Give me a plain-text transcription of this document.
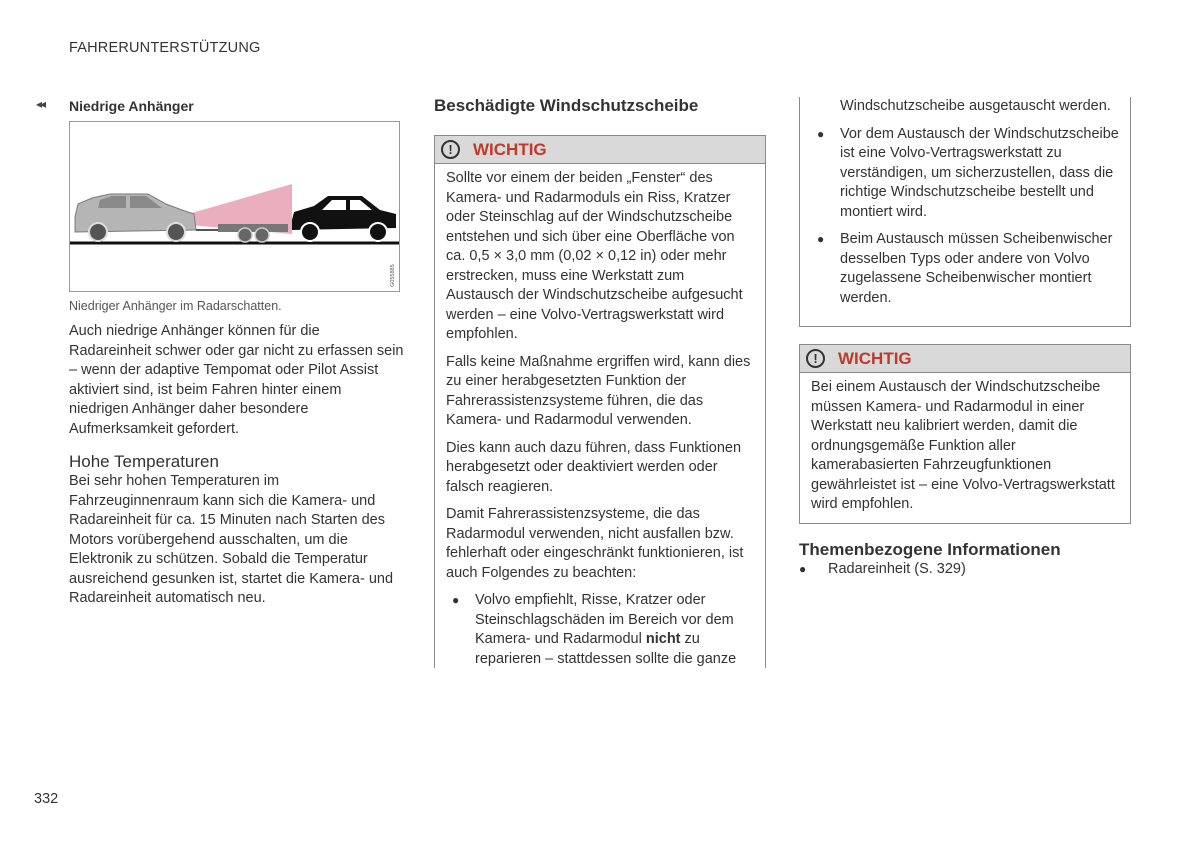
FAHRERUNTERSTÜTZUNG
◂◂ Niedrige Anhänger
G055885
Niedriger Anhänger im Radarschatten.

Auch niedrige Anhänger können für die Radareinheit schwer oder gar nicht zu erfassen sein – wenn der adaptive Tempomat oder Pilot Assist aktiviert sind, ist beim Fahren hinter einem niedrigen Anhänger daher besondere Aufmerksamkeit gefordert.

Hohe Temperaturen

Bei sehr hohen Temperaturen im Fahrzeuginnenraum kann sich die Kamera- und Radareinheit für ca. 15 Minuten nach Starten des Motors vorübergehend ausschalten, um die Elektronik zu schützen. Sobald die Temperatur ausreichend gesunken ist, startet die Kamera- und Radareinheit automatisch neu.

Beschädigte Windschutzscheibe
!	WICHTIG

Sollte vor einem der beiden „Fenster“ des Kamera- und Radarmoduls ein Riss, Kratzer oder Steinschlag auf der Windschutzscheibe entstehen und sich über eine Oberfläche von ca. 0,5 × 3,0 mm (0,02 × 0,12 in) oder mehr erstrecken, muss eine Werkstatt zum Austausch der Windschutzscheibe aufgesucht werden – eine Volvo-Vertragswerkstatt wird empfohlen.

Falls keine Maßnahme ergriffen wird, kann dies zu einer herabgesetzten Funktion der Fahrerassistenzsysteme führen, die das Kamera- und Radarmodul verwenden.

Dies kann auch dazu führen, dass Funktionen herabgesetzt oder deaktiviert werden oder falsch reagieren.

Damit Fahrerassistenzsysteme, die das Radarmodul verwenden, nicht ausfallen bzw. fehlerhaft oder eingeschränkt funktionieren, ist auch Folgendes zu beachten:

● Volvo empfiehlt, Risse, Kratzer oder Steinschlagschäden im Bereich vor dem Kamera- und Radarmodul nicht zu reparieren – stattdessen sollte die ganze
Windschutzscheibe ausgetauscht werden.
● Vor dem Austausch der Windschutzscheibe ist eine Volvo-Vertragswerkstatt zu verständigen, um sicherzustellen, dass die richtige Windschutzscheibe bestellt und montiert wird.
● Beim Austausch müssen Scheibenwischer desselben Typs oder andere von Volvo zugelassene Scheibenwischer montiert werden.
!	WICHTIG

Bei einem Austausch der Windschutzscheibe müssen Kamera- und Radarmodul in einer Werkstatt neu kalibriert werden, damit die ordnungsgemäße Funktion aller kamerabasierten Fahrzeugfunktionen gewährleistet ist – eine Volvo-Vertragswerkstatt wird empfohlen.

Themenbezogene Informationen
● Radareinheit (S. 329)
332
